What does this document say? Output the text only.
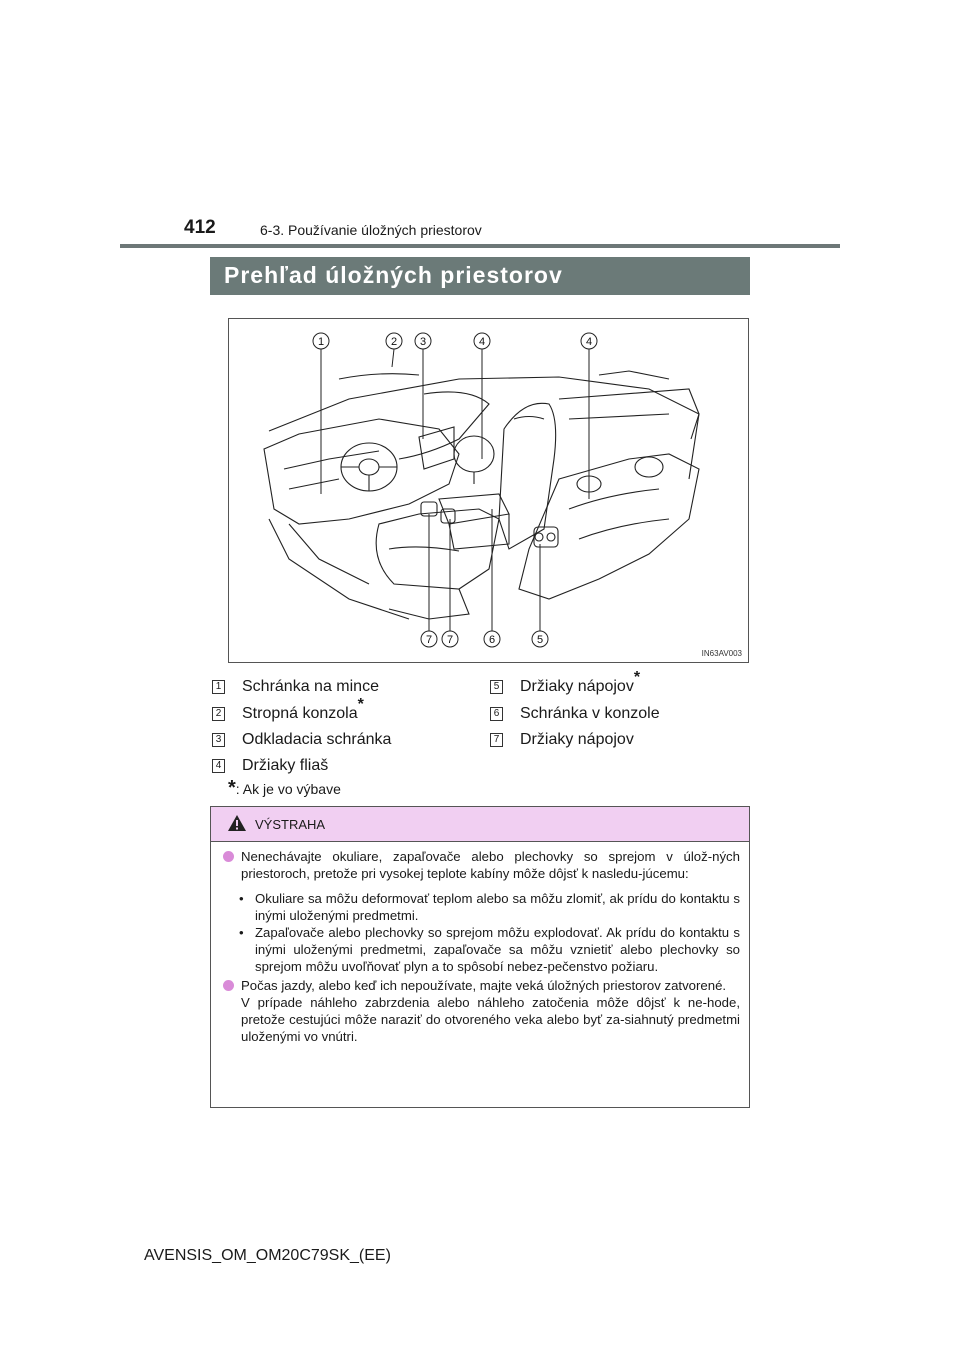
412	6-3. Používanie úložných priestorov
Prehľad úložných priestorov
1	2 3	4	4
7 7	6	5
IN63AV003
1 Schránka na mince
2 Stropná konzola
*
3 Odkladacia schránka
4 Držiaky fliaš
5 Držiaky nápojov
*
6 Schránka v konzole
7 Držiaky nápojov
*: Ak je vo výbave
VÝSTRAHA
Nenechávajte okuliare, zapaľovače alebo plechovky so sprejom v úlož-ných priestoroch, pretože pri vysokej teplote kabíny môže dôjsť k nasledu-júcemu:
• Okuliare sa môžu deformovať teplom alebo sa môžu zlomiť, ak prídu do kontaktu s inými uloženými predmetmi.
• Zapaľovače alebo plechovky so sprejom môžu explodovať. Ak prídu do kontaktu s inými uloženými predmetmi, zapaľovače sa môžu vznietiť alebo plechovky so sprejom môžu uvoľňovať plyn a to spôsobí nebez-pečenstvo požiaru.
Počas jazdy, alebo keď ich nepoužívate, majte veká úložných priestorov zatvorené.
V prípade náhleho zabrzdenia alebo náhleho zatočenia môže dôjsť k ne-hode, pretože cestujúci môže naraziť do otvoreného veka alebo byť za-siahnutý predmetmi uloženými vo vnútri.
AVENSIS_OM_OM20C79SK_(EE)
